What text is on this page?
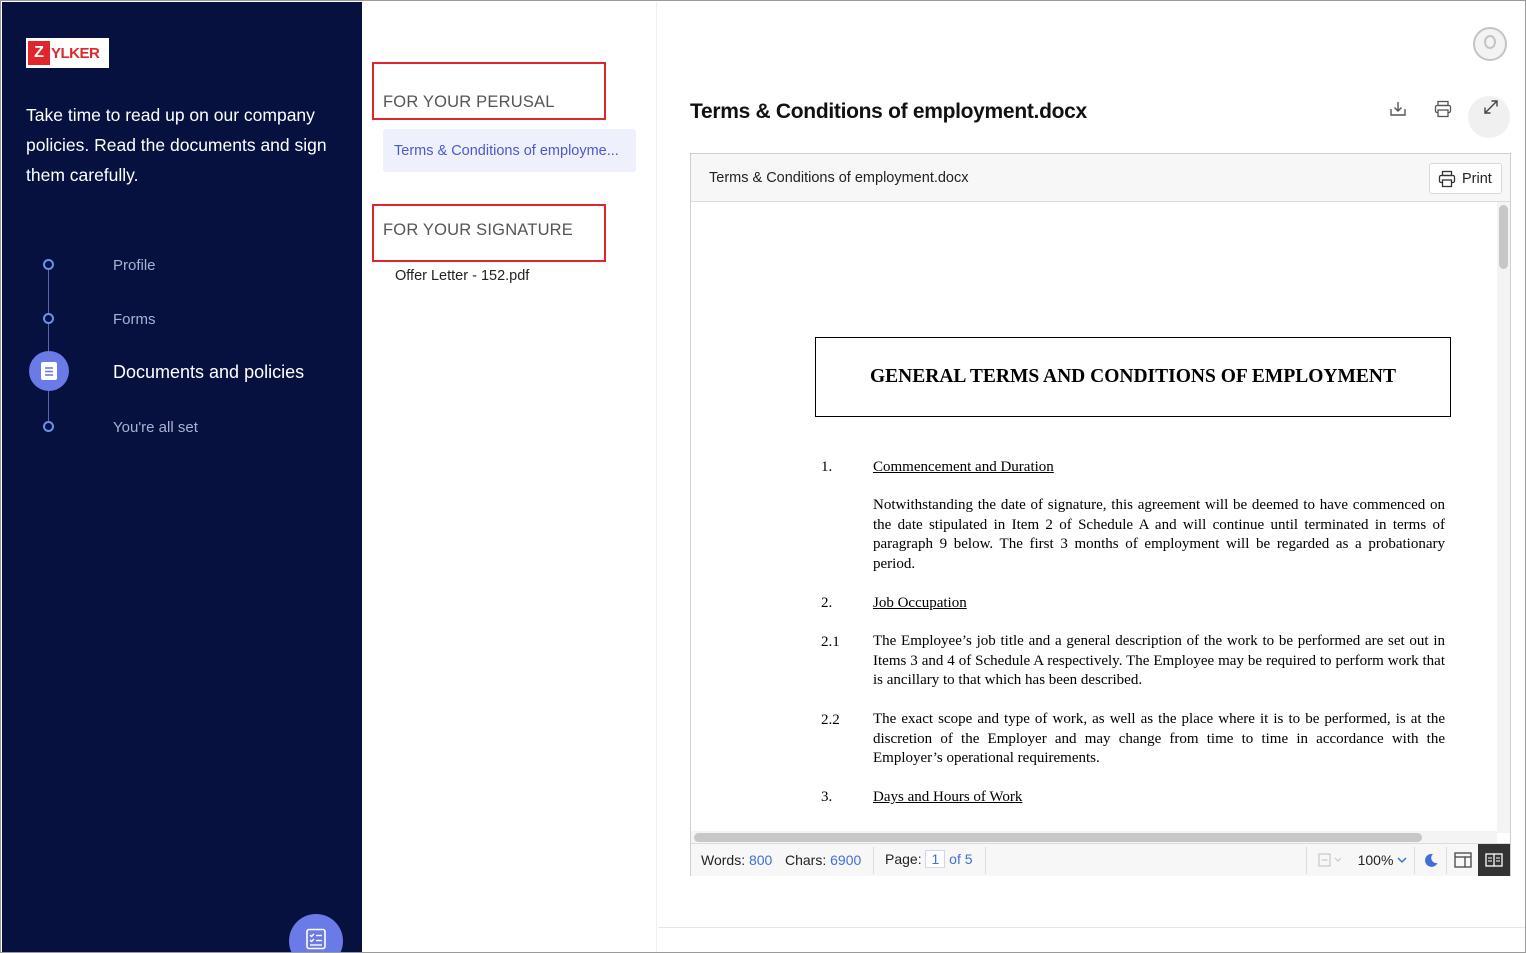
Z YLKER
Take time to read up on our company policies. Read the documents and sign them carefully.
Profile
Forms
Documents and policies
You're all set
FOR YOUR PERUSAL
Terms & Conditions of employme...
FOR YOUR SIGNATURE
Offer Letter - 152.pdf
Terms & Conditions of employment.docx
Terms & Conditions of employment.docx	Print
GENERAL TERMS AND CONDITIONS OF EMPLOYMENT
1.	Commencement and Duration
Notwithstanding the date of signature, this agreement will be deemed to have commenced on the date stipulated in Item 2 of Schedule A and will continue until terminated in terms of paragraph 9 below. The first 3 months of employment will be regarded as a probationary period.
2.	Job Occupation
2.1 The Employee’s job title and a general description of the work to be performed are set out in Items 3 and 4 of Schedule A respectively. The Employee may be required to perform work that is ancillary to that which has been described.
2.2 The exact scope and type of work, as well as the place where it is to be performed, is at the discretion of the Employer and may change from time to time in accordance with the Employer’s operational requirements.
3.	Days and Hours of Work
Words: 800 Chars: 6900 Page: 1 of 5	100%
